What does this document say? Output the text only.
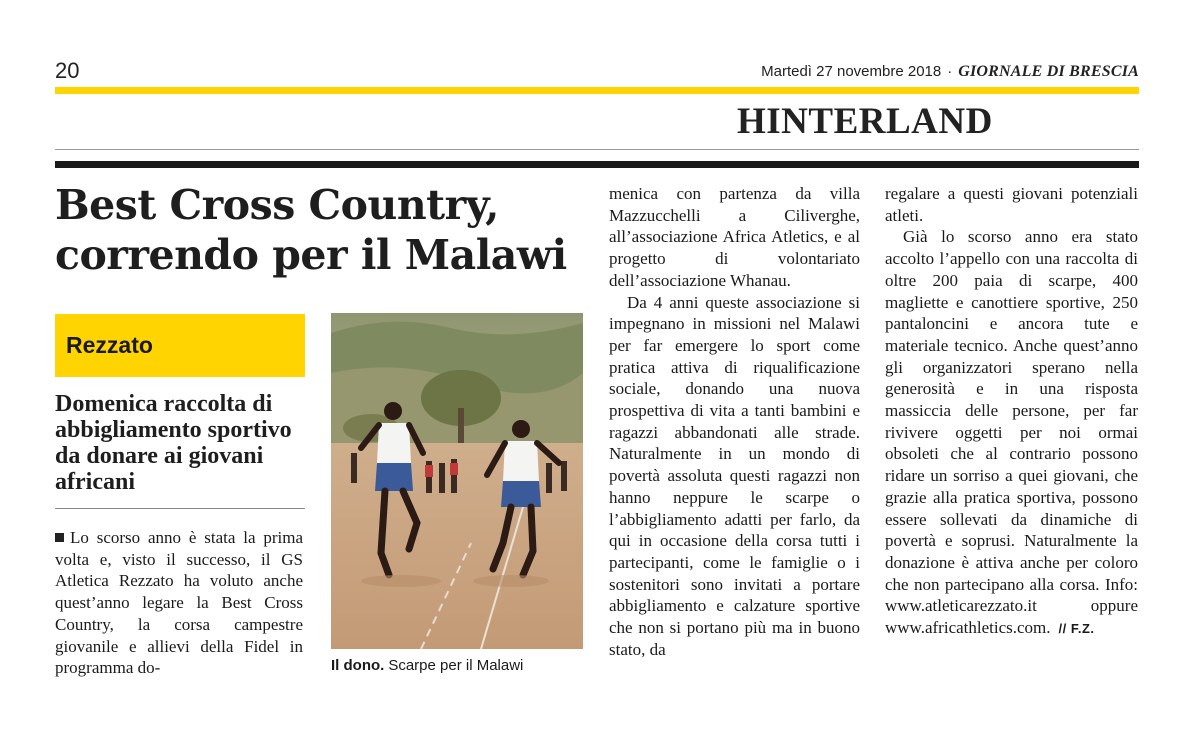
20	Martedì 27 novembre 2018 · GIORNALE DI BRESCIA
HINTERLAND
Best Cross Country, correndo per il Malawi
Rezzato
Domenica raccolta di abbigliamento sportivo da donare ai giovani africani

Lo scorso anno è stata la prima volta e, visto il successo, il GS Atletica Rezzato ha voluto anche quest’anno legare la Best Cross Country, la corsa campestre giovanile e allievi della Fidel in programma do-	Il dono. Scarpe per il Malawi

menica con partenza da villa Mazzucchelli a Ciliverghe, all’associazione Africa Atletics, e al progetto di volontariato dell’associazione Whanau.

Da 4 anni queste associazione si impegnano in missioni nel Malawi per far emergere lo sport come pratica attiva di riqualificazione sociale, donando una nuova prospettiva di vita a tanti bambini e ragazzi abbandonati alle strade. Naturalmente in un mondo di povertà assoluta questi ragazzi non hanno neppure le scarpe o l’abbigliamento adatti per farlo, da qui in occasione della corsa tutti i partecipanti, come le famiglie o i sostenitori sono invitati a portare abbigliamento e calzature sportive che non si portano più ma in buono stato, da

regalare a questi giovani potenziali atleti.

Già lo scorso anno era stato accolto l’appello con una raccolta di oltre 200 paia di scarpe, 400 magliette e canottiere sportive, 250 pantaloncini e ancora tute e materiale tecnico. Anche quest’anno gli organizzatori sperano nella generosità e in una risposta massiccia delle persone, per far rivivere oggetti per noi ormai obsoleti che al contrario possono ridare un sorriso a quei giovani, che grazie alla pratica sportiva, possono essere sollevati da dinamiche di povertà e soprusi. Naturalmente la donazione è attiva anche per coloro che non partecipano alla corsa. Info: www.atleticarezzato.it oppure www.africathletics.com. // F.Z.
